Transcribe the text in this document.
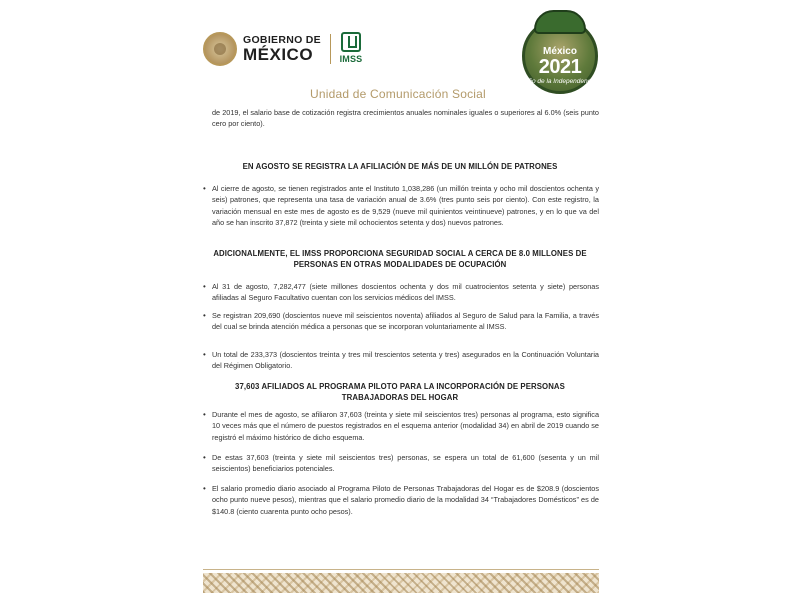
GOBIERNO DE
MÉXICO	IMSS
México
2021
Año de la Independencia
Unidad de Comunicación Social
de 2019, el salario base de cotización registra crecimientos anuales nominales iguales o superiores al 6.0% (seis punto cero por ciento).
EN AGOSTO SE REGISTRA LA AFILIACIÓN DE MÁS DE UN MILLÓN DE PATRONES
• Al cierre de agosto, se tienen registrados ante el Instituto 1,038,286 (un millón treinta y ocho mil doscientos ochenta y seis) patrones, que representa una tasa de variación anual de 3.6% (tres punto seis por ciento). Con este registro, la variación mensual en este mes de agosto es de 9,529 (nueve mil quinientos veintinueve) patrones, y en lo que va del año se han inscrito 37,872 (treinta y siete mil ochocientos setenta y dos) nuevos patrones.
ADICIONALMENTE, EL IMSS PROPORCIONA SEGURIDAD SOCIAL A CERCA DE 8.0 MILLONES DE PERSONAS EN OTRAS MODALIDADES DE OCUPACIÓN
• Al 31 de agosto, 7,282,477 (siete millones doscientos ochenta y dos mil cuatrocientos setenta y siete) personas afiliadas al Seguro Facultativo cuentan con los servicios médicos del IMSS.
• Se registran 209,690 (doscientos nueve mil seiscientos noventa) afiliados al Seguro de Salud para la Familia, a través del cual se brinda atención médica a personas que se incorporan voluntariamente al IMSS.
• Un total de 233,373 (doscientos treinta y tres mil trescientos setenta y tres) asegurados en la Continuación Voluntaria del Régimen Obligatorio.
37,603 AFILIADOS AL PROGRAMA PILOTO PARA LA INCORPORACIÓN DE PERSONAS TRABAJADORAS DEL HOGAR
• Durante el mes de agosto, se afiliaron 37,603 (treinta y siete mil seiscientos tres) personas al programa, esto significa 10 veces más que el número de puestos registrados en el esquema anterior (modalidad 34) en abril de 2019 cuando se registró el máximo histórico de dicho esquema.
• De estas 37,603 (treinta y siete mil seiscientos tres) personas, se espera un total de 61,600 (sesenta y un mil seiscientos) beneficiarios potenciales.
• El salario promedio diario asociado al Programa Piloto de Personas Trabajadoras del Hogar es de $208.9 (doscientos ocho punto nueve pesos), mientras que el salario promedio diario de la modalidad 34 “Trabajadores Domésticos” es de $140.8 (ciento cuarenta punto ocho pesos).
